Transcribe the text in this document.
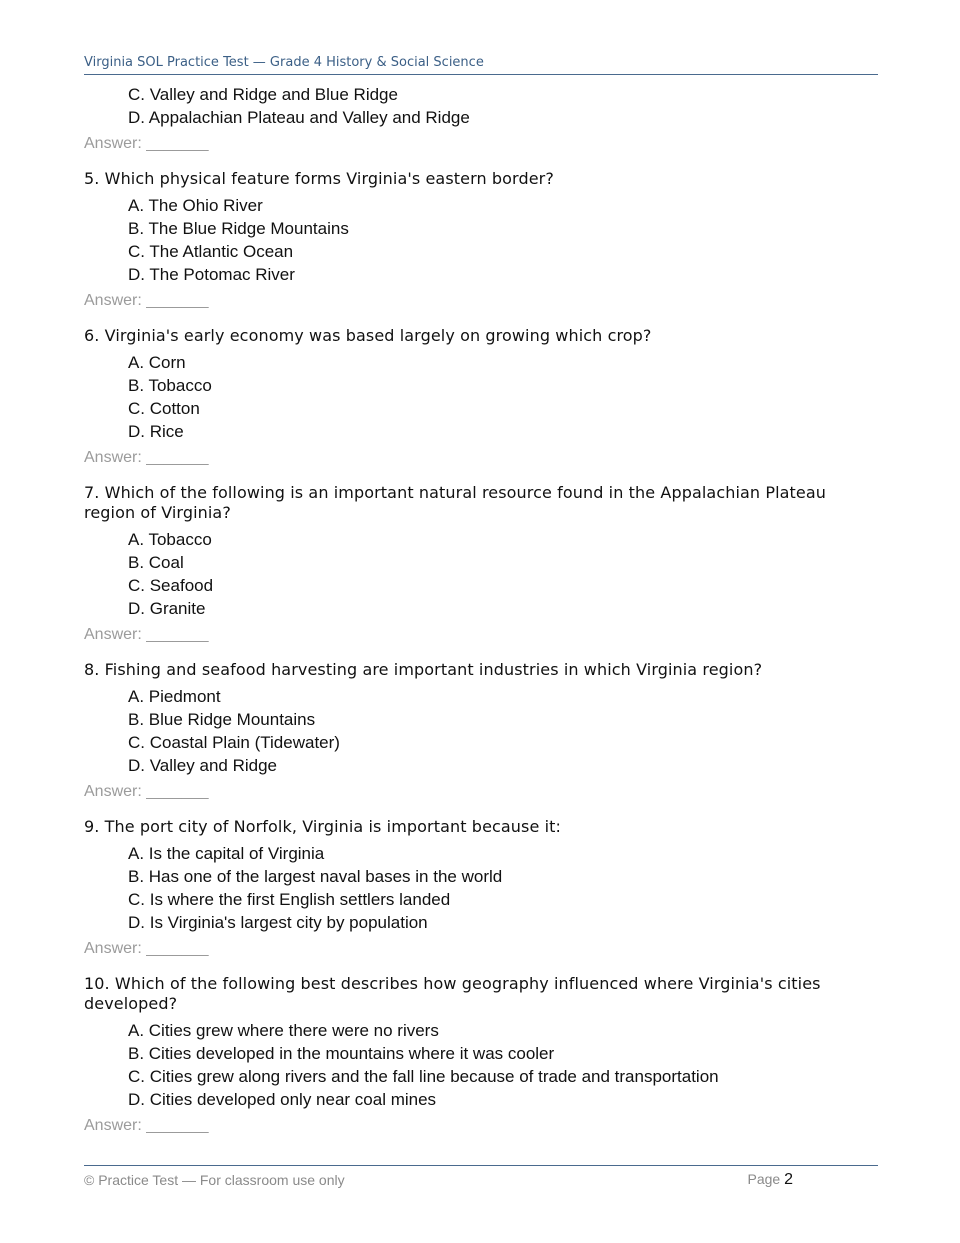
Virginia SOL Practice Test — Grade 4 History & Social Science
C. Valley and Ridge and Blue Ridge
D. Appalachian Plateau and Valley and Ridge
Answer: _______
5. Which physical feature forms Virginia's eastern border?
A. The Ohio River
B. The Blue Ridge Mountains
C. The Atlantic Ocean
D. The Potomac River
Answer: _______
6. Virginia's early economy was based largely on growing which crop?
A. Corn
B. Tobacco
C. Cotton
D. Rice
Answer: _______
7. Which of the following is an important natural resource found in the Appalachian Plateau region of Virginia?
A. Tobacco
B. Coal
C. Seafood
D. Granite
Answer: _______
8. Fishing and seafood harvesting are important industries in which Virginia region?
A. Piedmont
B. Blue Ridge Mountains
C. Coastal Plain (Tidewater)
D. Valley and Ridge
Answer: _______
9. The port city of Norfolk, Virginia is important because it:
A. Is the capital of Virginia
B. Has one of the largest naval bases in the world
C. Is where the first English settlers landed
D. Is Virginia's largest city by population
Answer: _______
10. Which of the following best describes how geography influenced where Virginia's cities developed?
A. Cities grew where there were no rivers
B. Cities developed in the mountains where it was cooler
C. Cities grew along rivers and the fall line because of trade and transportation
D. Cities developed only near coal mines
Answer: _______
© Practice Test — For classroom use only	Page 2
